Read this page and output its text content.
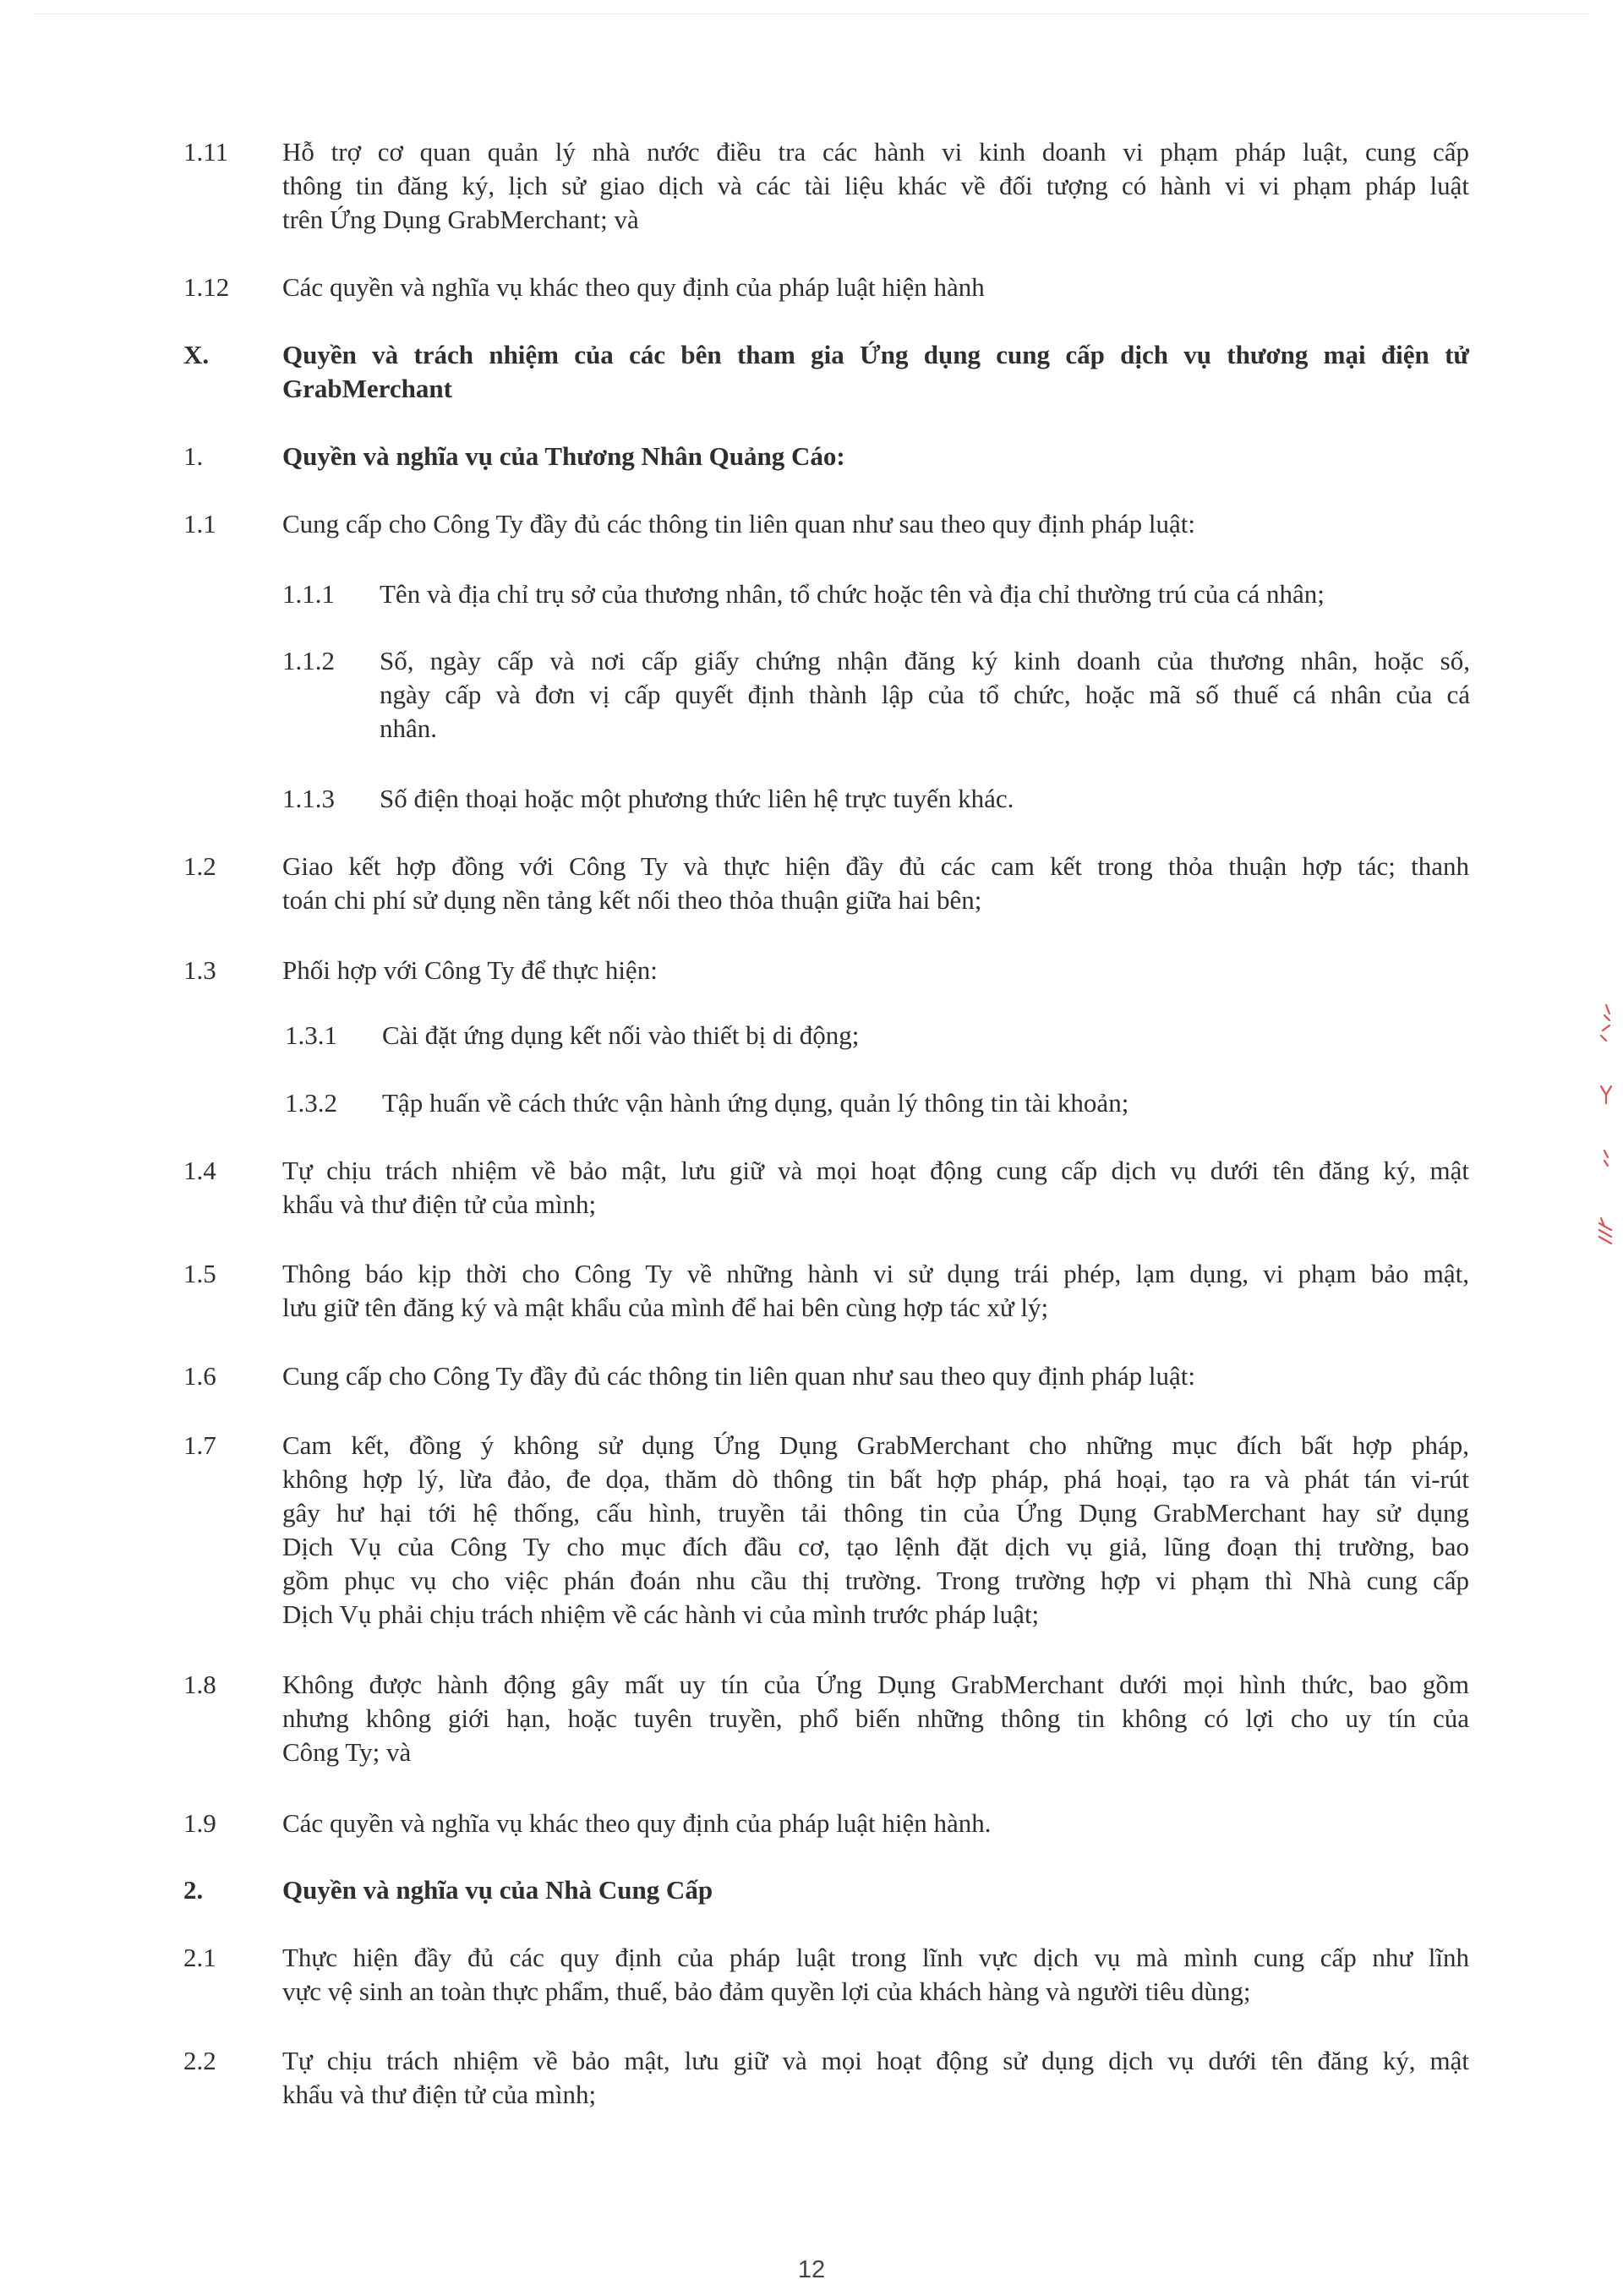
1.11 Hỗ trợ cơ quan quản lý nhà nước điều tra các hành vi kinh doanh vi phạm pháp luật, cung cấp
thông tin đăng ký, lịch sử giao dịch và các tài liệu khác về đối tượng có hành vi vi phạm pháp luật
trên Ứng Dụng GrabMerchant; và
1.12 Các quyền và nghĩa vụ khác theo quy định của pháp luật hiện hành
X.	Quyền và trách nhiệm của các bên tham gia Ứng dụng cung cấp dịch vụ thương mại điện tử
GrabMerchant
1.	Quyền và nghĩa vụ của Thương Nhân Quảng Cáo:
1.1	Cung cấp cho Công Ty đầy đủ các thông tin liên quan như sau theo quy định pháp luật:
1.1.1 Tên và địa chỉ trụ sở của thương nhân, tổ chức hoặc tên và địa chỉ thường trú của cá nhân;
1.1.2 Số, ngày cấp và nơi cấp giấy chứng nhận đăng ký kinh doanh của thương nhân, hoặc số,
ngày cấp và đơn vị cấp quyết định thành lập của tổ chức, hoặc mã số thuế cá nhân của cá
nhân.
1.1.3 Số điện thoại hoặc một phương thức liên hệ trực tuyến khác.
1.2	Giao kết hợp đồng với Công Ty và thực hiện đầy đủ các cam kết trong thỏa thuận hợp tác; thanh
toán chi phí sử dụng nền tảng kết nối theo thỏa thuận giữa hai bên;
1.3	Phối hợp với Công Ty để thực hiện:
1.3.1 Cài đặt ứng dụng kết nối vào thiết bị di động;
1.3.2 Tập huấn về cách thức vận hành ứng dụng, quản lý thông tin tài khoản;
1.4	Tự chịu trách nhiệm về bảo mật, lưu giữ và mọi hoạt động cung cấp dịch vụ dưới tên đăng ký, mật
khẩu và thư điện tử của mình;
1.5	Thông báo kịp thời cho Công Ty về những hành vi sử dụng trái phép, lạm dụng, vi phạm bảo mật,
lưu giữ tên đăng ký và mật khẩu của mình để hai bên cùng hợp tác xử lý;
1.6	Cung cấp cho Công Ty đầy đủ các thông tin liên quan như sau theo quy định pháp luật:
1.7	Cam kết, đồng ý không sử dụng Ứng Dụng GrabMerchant cho những mục đích bất hợp pháp,
không hợp lý, lừa đảo, đe dọa, thăm dò thông tin bất hợp pháp, phá hoại, tạo ra và phát tán vi-rút
gây hư hại tới hệ thống, cấu hình, truyền tải thông tin của Ứng Dụng GrabMerchant hay sử dụng
Dịch Vụ của Công Ty cho mục đích đầu cơ, tạo lệnh đặt dịch vụ giả, lũng đoạn thị trường, bao
gồm phục vụ cho việc phán đoán nhu cầu thị trường. Trong trường hợp vi phạm thì Nhà cung cấp
Dịch Vụ phải chịu trách nhiệm về các hành vi của mình trước pháp luật;
1.8	Không được hành động gây mất uy tín của Ứng Dụng GrabMerchant dưới mọi hình thức, bao gồm
nhưng không giới hạn, hoặc tuyên truyền, phổ biến những thông tin không có lợi cho uy tín của
Công Ty; và
1.9	Các quyền và nghĩa vụ khác theo quy định của pháp luật hiện hành.
2.	Quyền và nghĩa vụ của Nhà Cung Cấp
2.1	Thực hiện đầy đủ các quy định của pháp luật trong lĩnh vực dịch vụ mà mình cung cấp như lĩnh
vực vệ sinh an toàn thực phẩm, thuế, bảo đảm quyền lợi của khách hàng và người tiêu dùng;
2.2	Tự chịu trách nhiệm về bảo mật, lưu giữ và mọi hoạt động sử dụng dịch vụ dưới tên đăng ký, mật
khẩu và thư điện tử của mình;
12
